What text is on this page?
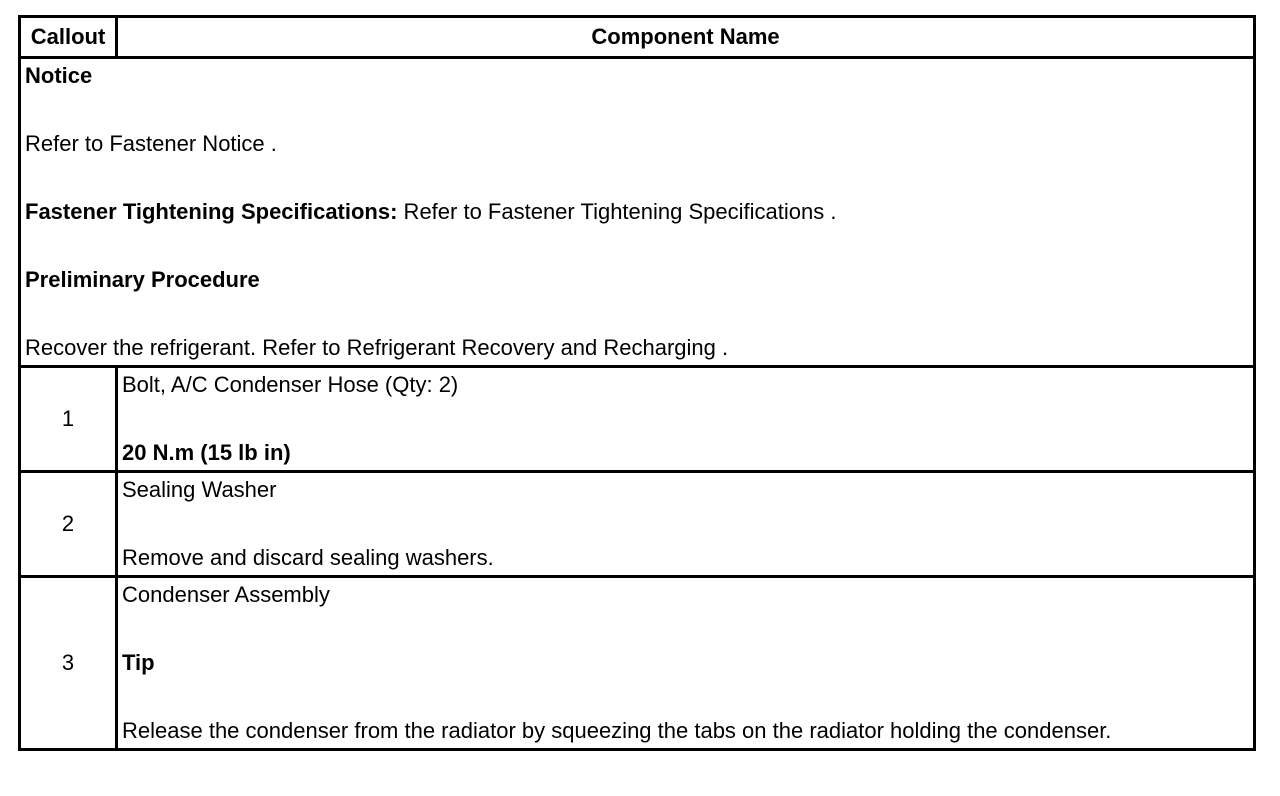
Callout	Component Name

Notice

Refer to Fastener Notice .

Fastener Tightening Specifications: Refer to Fastener Tightening Specifications .

Preliminary Procedure

Recover the refrigerant. Refer to Refrigerant Recovery and Recharging .	

1	Bolt, A/C Condenser Hose (Qty: 2)

20 N.m (15 lb in)

2	Sealing Washer

Remove and discard sealing washers.

3	Condenser Assembly

Tip

Release the condenser from the radiator by squeezing the tabs on the radiator holding the condenser.
